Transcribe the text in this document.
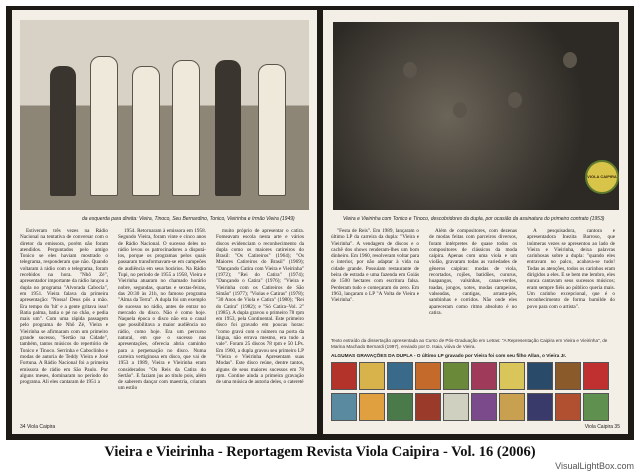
da esquerda para direita: Vieira, Tinoco, Seu Bernardino, Tonico, Vieirinha e Irmão Vieira (1949)

Estiveram três vezes na Rádio Nacional na tentativa de conversar com o diretor da emissora, porém não foram atendidos. Perguntados pelo amigo Tonico se eles haviam mostrado o telegrama, responderam que não. Quando voltaram à rádio com o telegrama, foram recebidos na hora. "Nhô Zé", apresentador importante da rádio lançou a dupla no programa "Alvorada Cabocla", em 1951. Vieira falava da primeira apresentação: "Nossa! Deus pôs a mão. Era tempo do 'hit' e a gente gritava isso! Batia palma, batia o pé no chão, e pedia mais um". Com uma rápida passagem pelo programa de Nhô Zé, Vieira e Vieirinha se afirmaram com um primeiro grande sucesso, "Sertão na Cidade", também, tantos músicos do repertório de Tonico e Tinoco. Serrinha e Caboclinho e modas de autoria de Teddy Vieira e José Fortuna. A Rádio Nacional foi a primeira emissora de rádio em São Paulo. Por alguns meses, dominaram no período do programa. Ali eles cantaram de 1951 a

1954. Retornaram à emissora em 1958. Segundo Vieira, foram vinte e cinco anos de Rádio Nacional. O sucesso deles no rádio levou os patrocinadores a disputá-los, porque os programas pelos quais passaram transformavam-se em campeões de audiência em seus horários. Na Rádio Tupi, no período de 1955 a 1958, Vieira e Vieirinha atuaram no chamado horário nobre, segundas, quartas e sextas-feiras, das 20:30 às 21h, no famoso programa "Alma da Terra". A dupla foi um exemplo de sucesso no rádio, antes de entrar no mercado do disco. Não é como hoje. Naquela época o disco não era o canal que possibilitava a maior audiência no rádio, como hoje. Era um percurso natural, em que o sucesso nas apresentações, oferecia abria caminho para a perpetuação no disco. Numa carreira vertiginosa em disco, que vai de 1953 a 1989, Vieira e Vieirinha eram considerados "Os Reis da Catira do Sertão". E faziam jus ao título pois, além de saberem dançar com maestria, criaram um estilo

muito próprio de apresentar o catira. Fomeavam escola nesta arte e vários discos evidenciam o reconhecimento da dupla como os maiores catireiros do Brasil: "Os Catireiros" (1964); "Os Maiores Catireiros do Brasil" (1969); "Dançando Catira com Vieira e Vieirinha" (1972); "Rei do Catira" (1974); "Dançando o Catira" (1976); "Vieira e Vieirinha com os Catireiros de São Simão" (1977); "Violas e Catiras" (1978); "30 Anos de Viola e Catira" (1980); "Rei do Catira" (1982); e "Só Catira–Vol. 2" (1985). A dupla gravou o primeiro 78 rpm em 1953, pela Continental. Este primeiro disco foi gravado em poucas horas: "como gravá com o número na porta da língua, não errava mesmo, era tudo a vale". Foram 25 discos 78 rpm e 50 LPs. Em 1960, a dupla gravou seu primeiro LP "Vieira e Vieirinha Apresentam suas Modas". Este disco reúne, dentre tantos, alguns de seus maiores sucessos em 78 rpm. Contine ainda a primeira gravação de uma música de autoria deles, o catereté

34 Viola Caipira
VIOLA CAIPIRA
Vieira e Vieirinha com Tonico e Tinoco, descobridores da dupla, por ocasião da assinatura do primeiro contrato (1953)

"Festa de Reis". Em 1989, lançaram o último LP da carreira da dupla: "Vieira e Vieirinha". A vendagem de discos e o cachê dos shows renderam-lhes um bom dinheiro. Em 1960, resolveram voltar para o interior, por não adaptar à vida na cidade grande. Possuíam restaurante de beira de estrada e uma fazenda em Goiás de 1500 hectares com escritura falsa. Perderam tudo e começaram do zero. Em 1963, lançaram o LP "A Volta de Vieira e Vieirinha".

Além de compositores, com dezenas de modas feitas com parceiros diversos, foram intérpretes de quase todos os compositores de clássicos da moda caipira. Apenas com uma viola e um violão, gravaram todas as variedades de gêneros caipiras: modas de viola, recortados, rojões, batidões, cururus, huapangos, valsinhas, canas-verdes, toadas, jongos, xotes, modas campeiras, valseadas, cantigas, arrasta-pés, sambinhas e corridos. Não onde eles apareceram como ritmo absoluto é no catira.

A pesquisadora, cantora e apresentadora Inezita Barroso, que inúmeras vezes se apresentou ao lado de Vieira e Vieirinha, deixa palavras carinhosas sobre a dupla: "quando eles entravam no palco, acabava-se tudo! Todas as atenções, todos os carinhos eram dirigidos a eles. E se bem me lembro, eles nunca cantavam seus sucessos músicos; eram sempre fiéis ao público quería mais. Um carinho excepcional, que é o reconhecimento de forma humilde do povo para com o artista".

Texto extraído da dissertação apresentada ao Curso de Pós-Graduação em Letras: "A Representação Caipira em Vieira e Vieirinha", de Marina Machado Bernardi (1997), enviado por D. Isaia, viúva de Vieira.
ALGUMAS GRAVAÇÕES DA DUPLA - O último LP gravado por Vieira foi com seu filho Allan, o Vieira Jr.
Viola Caipira 35
Vieira e Vieirinha - Reportagem Revista Viola Caipira - Vol. 16 (2006)
VisualLightBox.com
